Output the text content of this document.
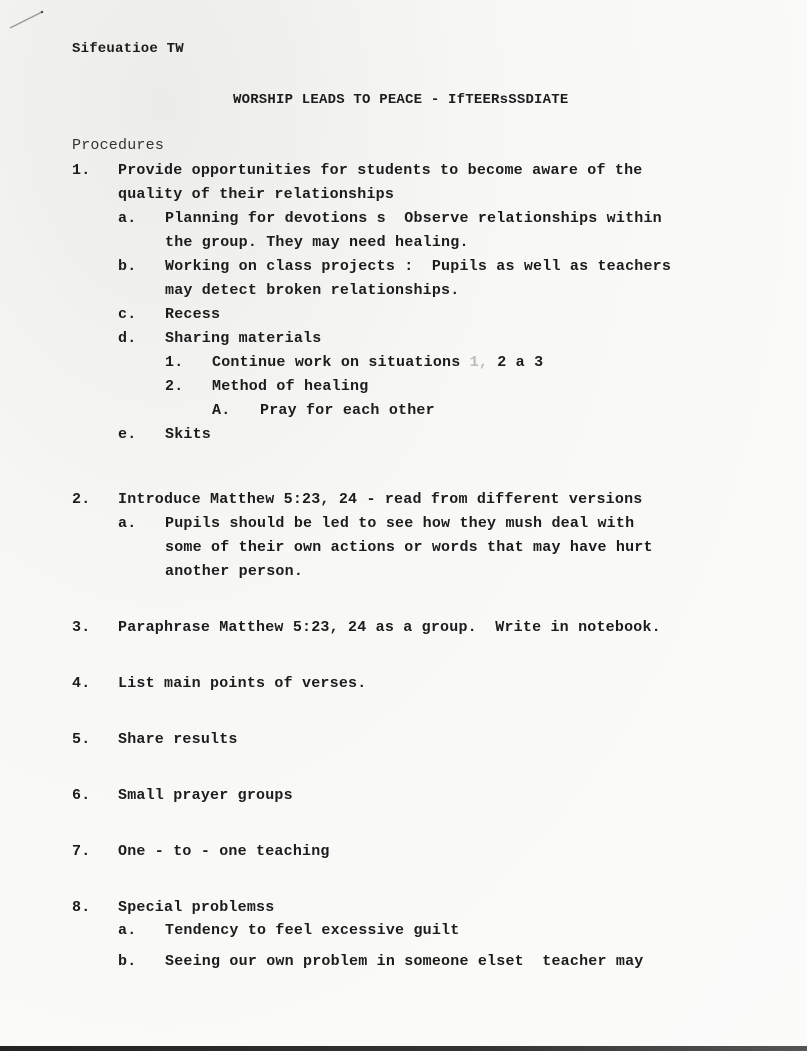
Sifeuatioe TW
WORSHIP LEADS TO PEACE - IfTEERsSSDIATE
Procedures
1. Provide opportunities for students to become aware of the
quality of their relationships
a. Planning for devotions s  Observe relationships within
the group. They may need healing.
b. Working on class projects :  Pupils as well as teachers
may detect broken relationships.
c. Recess
d. Sharing materials
1. Continue work on situations 1, 2 a 3
2. Method of healing
A. Pray for each other
e. Skits
2. Introduce Matthew 5:23, 24 - read from different versions
a. Pupils should be led to see how they mush deal with
some of their own actions or words that may have hurt
another person.
3. Paraphrase Matthew 5:23, 24 as a group.  Write in notebook.
4. List main points of verses.
5. Share results
6. Small prayer groups
7. One - to - one teaching
8. Special problemss
a. Tendency to feel excessive guilt
b. Seeing our own problem in someone elset  teacher may
